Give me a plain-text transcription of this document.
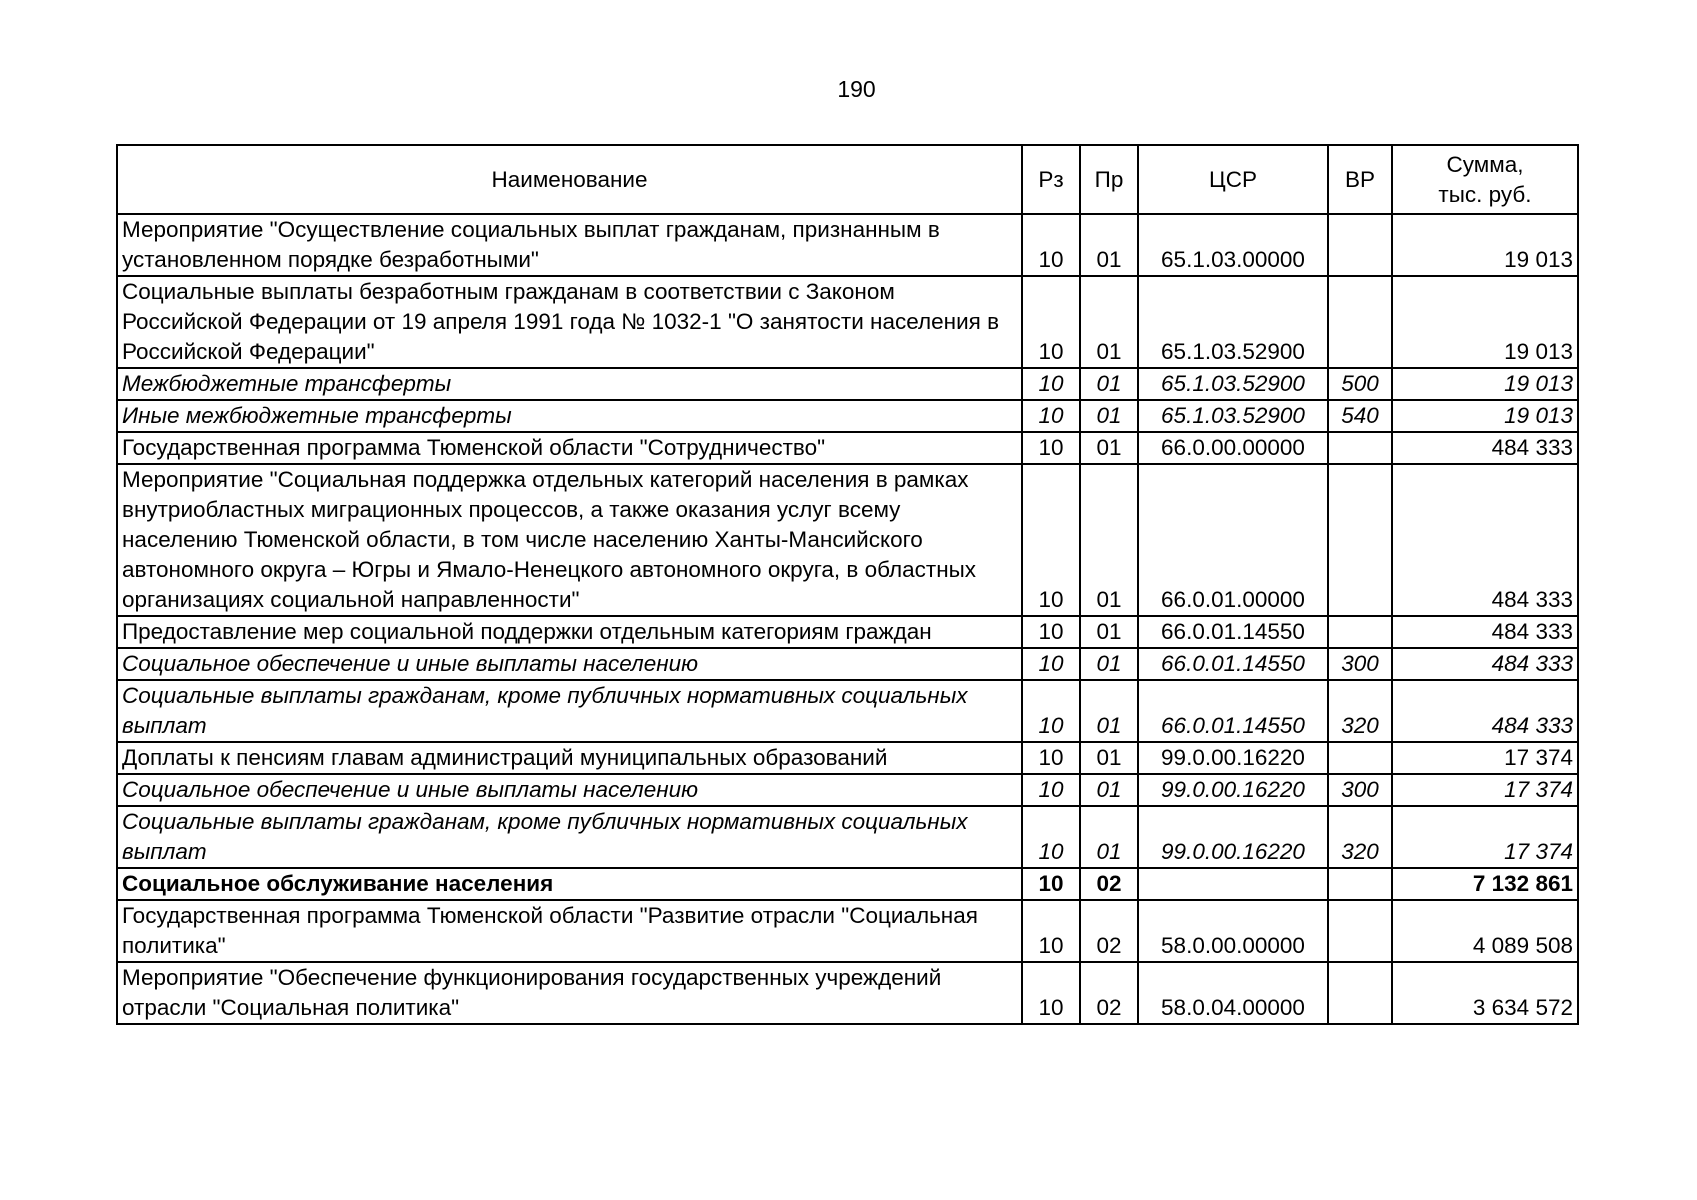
190
Наименование	Рз	Пр	ЦСР	ВР	Сумма,
тыс. руб.

Мероприятие "Осуществление социальных выплат гражданам, признанным в установленном порядке безработными"	10	01	65.1.03.00000		19 013
Социальные выплаты безработным гражданам в соответствии с Законом Российской Федерации от 19 апреля 1991 года № 1032-1 "О занятости населения в Российской Федерации"	10	01	65.1.03.52900		19 013
Межбюджетные трансферты	10	01	65.1.03.52900	500	19 013
Иные межбюджетные трансферты	10	01	65.1.03.52900	540	19 013
Государственная программа Тюменской области "Сотрудничество"	10	01	66.0.00.00000		484 333
Мероприятие "Социальная поддержка отдельных категорий населения в рамках внутриобластных миграционных процессов, а также оказания услуг всему населению Тюменской области, в том числе населению Ханты-Мансийского автономного округа – Югры и Ямало-Ненецкого автономного округа, в областных организациях социальной направленности"	10	01	66.0.01.00000		484 333
Предоставление мер социальной поддержки отдельным категориям граждан	10	01	66.0.01.14550		484 333
Социальное обеспечение и иные выплаты населению	10	01	66.0.01.14550	300	484 333
Социальные выплаты гражданам, кроме публичных нормативных социальных выплат	10	01	66.0.01.14550	320	484 333
Доплаты к пенсиям главам администраций муниципальных образований	10	01	99.0.00.16220		17 374
Социальное обеспечение и иные выплаты населению	10	01	99.0.00.16220	300	17 374
Социальные выплаты гражданам, кроме публичных нормативных социальных выплат	10	01	99.0.00.16220	320	17 374
Социальное обслуживание населения	10	02			7 132 861
Государственная программа Тюменской области "Развитие отрасли "Социальная политика"	10	02	58.0.00.00000		4 089 508
Мероприятие "Обеспечение функционирования государственных учреждений отрасли "Социальная политика"	10	02	58.0.04.00000		3 634 572
